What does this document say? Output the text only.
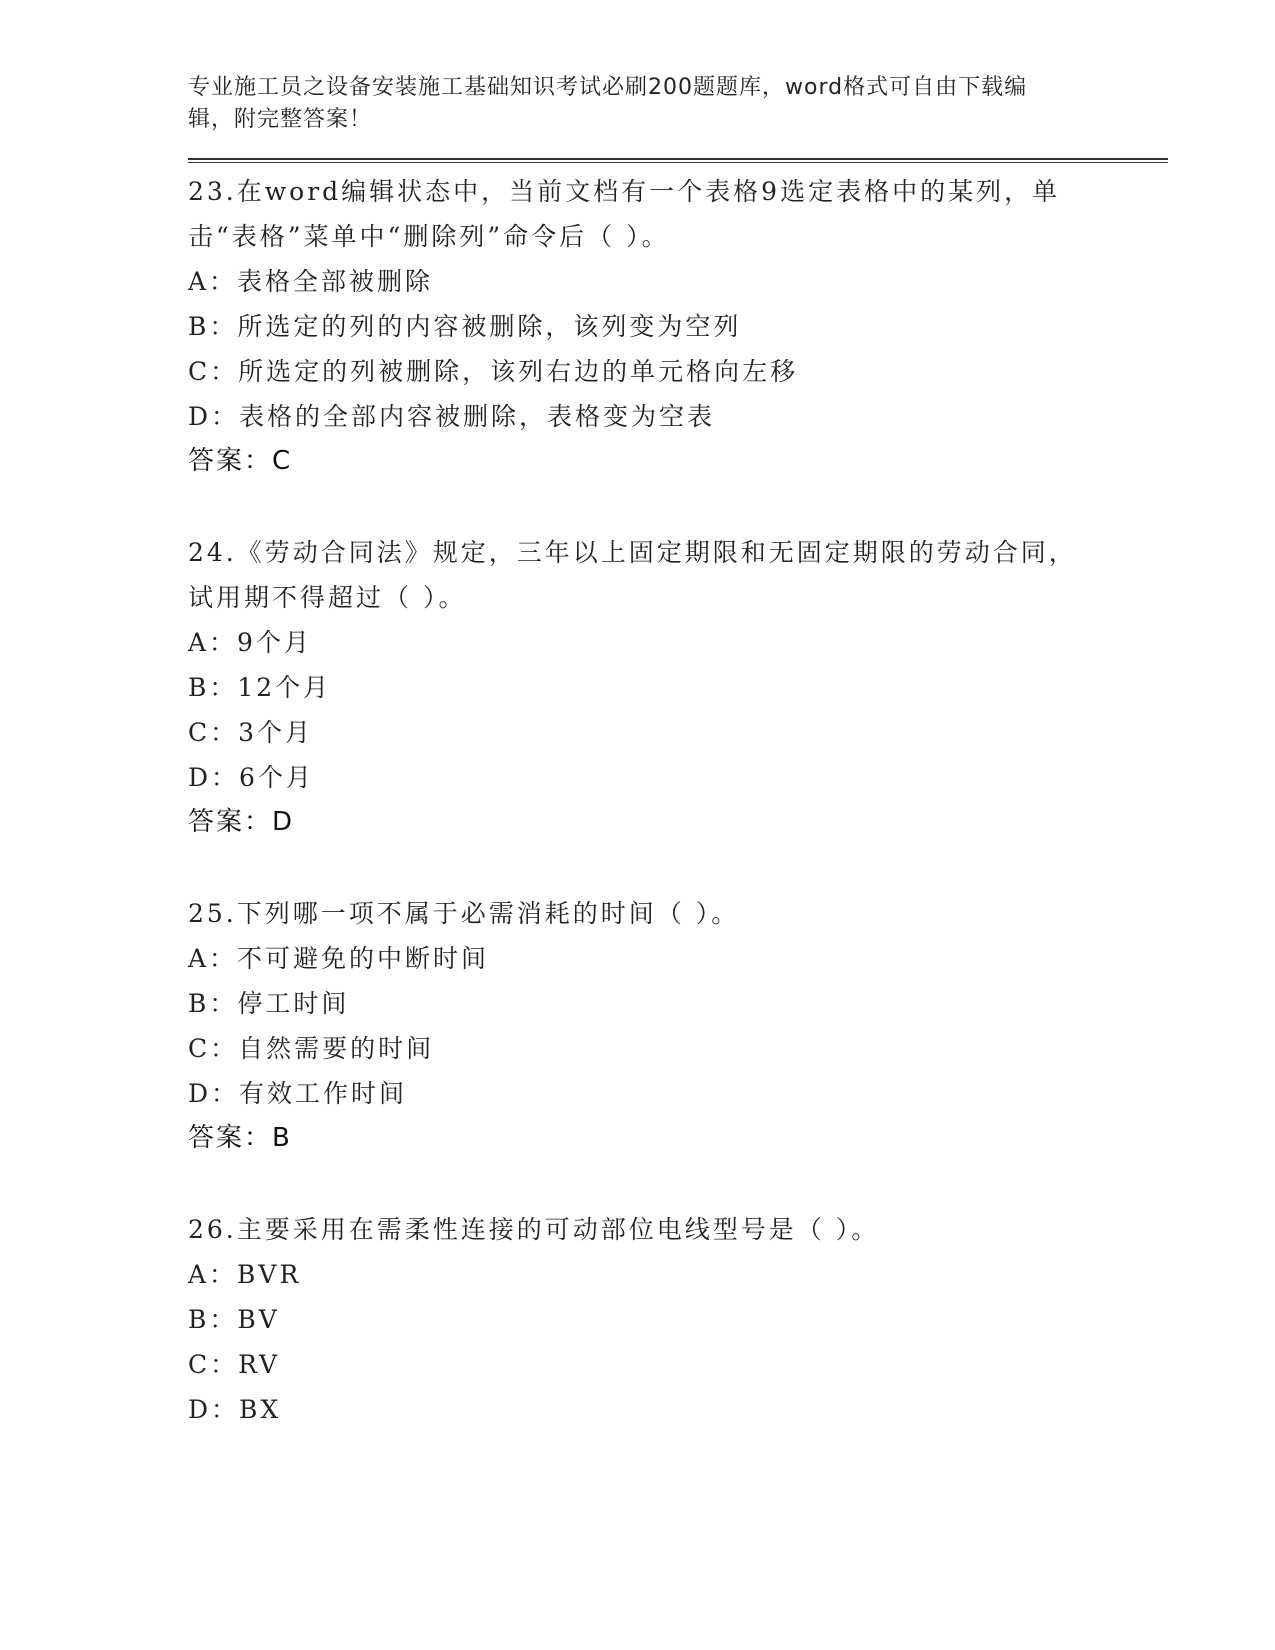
专业施工员之设备安装施工基础知识考试必刷200题题库，word格式可自由下载编辑，附完整答案！

23.在word编辑状态中，当前文档有一个表格9选定表格中的某列，单击“表格”菜单中“删除列”命令后（ ）。

A：表格全部被删除
B：所选定的列的内容被删除，该列变为空列
C：所选定的列被删除，该列右边的单元格向左移
D：表格的全部内容被删除，表格变为空表
答案：C

24.《劳动合同法》规定，三年以上固定期限和无固定期限的劳动合同，试用期不得超过（ ）。

A：9个月
B：12个月
C：3个月
D：6个月
答案：D

25.下列哪一项不属于必需消耗的时间（ ）。

A：不可避免的中断时间
B：停工时间
C：自然需要的时间
D：有效工作时间
答案：B

26.主要采用在需柔性连接的可动部位电线型号是（ ）。

A：BVR
B：BV
C：RV
D：BX
